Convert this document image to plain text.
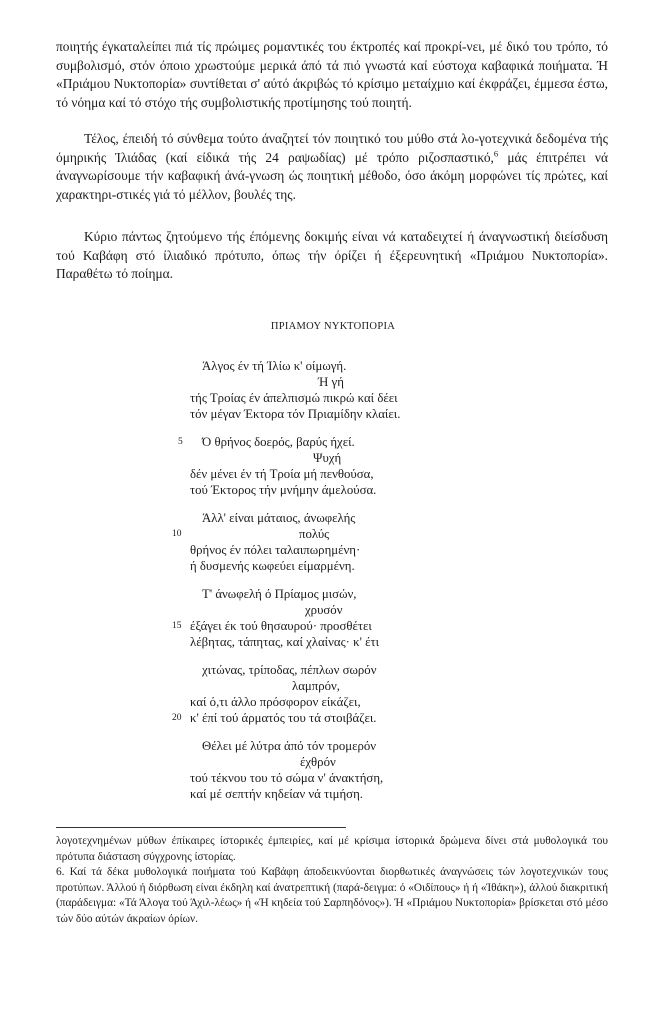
ποιητής έγκαταλείπει πιά τίς πρώιμες ρομαντικές του έκτροπές καί προκρί-νει, μέ δικό του τρόπο, τό συμβολισμό, στόν όποιο χρωστούμε μερικά άπό τά πιό γνωστά καί εύστοχα καβαφικά ποιήματα. Ή «Πριάμου Νυκτοπορία» συντίθεται σ' αύτό άκριβώς τό κρίσιμο μεταίχμιο καί έκφράζει, έμμεσα έστω, τό νόημα καί τό στόχο τής συμβολιστικής προτίμησης τού ποιητή.

Τέλος, έπειδή τό σύνθεμα τούτο άναζητεί τόν ποιητικό του μύθο στά λο-γοτεχνικά δεδομένα τής όμηρικής Ίλιάδας (καί είδικά τής 24 ραψωδίας) μέ τρόπο ριζοσπαστικό,$^6$ μάς έπιτρέπει νά άναγνωρίσουμε τήν καβαφική άνά-γνωση ώς ποιητική μέθοδο, όσο άκόμη μορφώνει τίς πρώτες, καί χαρακτηρι-στικές γιά τό μέλλον, βουλές της.

Κύριο πάντως ζητούμενο τής έπόμενης δοκιμής είναι νά καταδειχτεί ή άναγνωστική διείσδυση τού Καβάφη στό ίλιαδικό πρότυπο, όπως τήν όρίζει ή έξερευνητική «Πριάμου Νυκτοπορία». Παραθέτω τό ποίημα.

ΠΡΙΑΜΟΥ ΝΥΚΤΟΠΟΡΙΑ

Άλγος έν τή Ίλίω κ' οίμωγή.

Ή γή

τής Τροίας έν άπελπισμώ πικρώ καί δέει

τόν μέγαν Έκτορα τόν Πριαμίδην κλαίει.

5 Ό θρήνος δοερός, βαρύς ήχεί.

Ψυχή

δέν μένει έν τή Τροία μή πενθούσα,

τού Έκτορος τήν μνήμην άμελούσα.

Άλλ' είναι μάταιος, άνωφελής

10	πολύς

θρήνος έν πόλει ταλαιπωρημένη·

ή δυσμενής κωφεύει είμαρμένη.

Τ' άνωφελή ό Πρίαμος μισών,

χρυσόν

15 έξάγει έκ τού θησαυρού· προσθέτει

λέβητας, τάπητας, καί χλαίνας· κ' έτι

χιτώνας, τρίποδας, πέπλων σωρόν

λαμπρόν,

καί ό,τι άλλο πρόσφορον είκάζει,

20 κ' έπί τού άρματός του τά στοιβάζει.

Θέλει μέ λύτρα άπό τόν τρομερόν

έχθρόν

τού τέκνου του τό σώμα ν' άνακτήση,

καί μέ σεπτήν κηδείαν νά τιμήση.

λογοτεχνημένων μύθων έπίκαιρες ίστορικές έμπειρίες, καί μέ κρίσιμα ίστορικά δρώμενα δίνει στά μυθολογικά του πρότυπα διάσταση σύγχρονης ίστορίας.

6. Καί τά δέκα μυθολογικά ποιήματα τού Καβάφη άποδεικνύονται διορθωτικές άναγνώσεις τών λογοτεχνικών τους προτύπων. Άλλού ή διόρθωση είναι έκδηλη καί άνατρεπτική (παρά-δειγμα: ό «Οιδίπους» ή ή «Ίθάκη»), άλλού διακριτική (παράδειγμα: «Τά Άλογα τού Άχιλ-λέως» ή «Ή κηδεία τού Σαρπηδόνος»). Ή «Πριάμου Νυκτοπορία» βρίσκεται στό μέσο τών δύο αύτών άκραίων όρίων.
